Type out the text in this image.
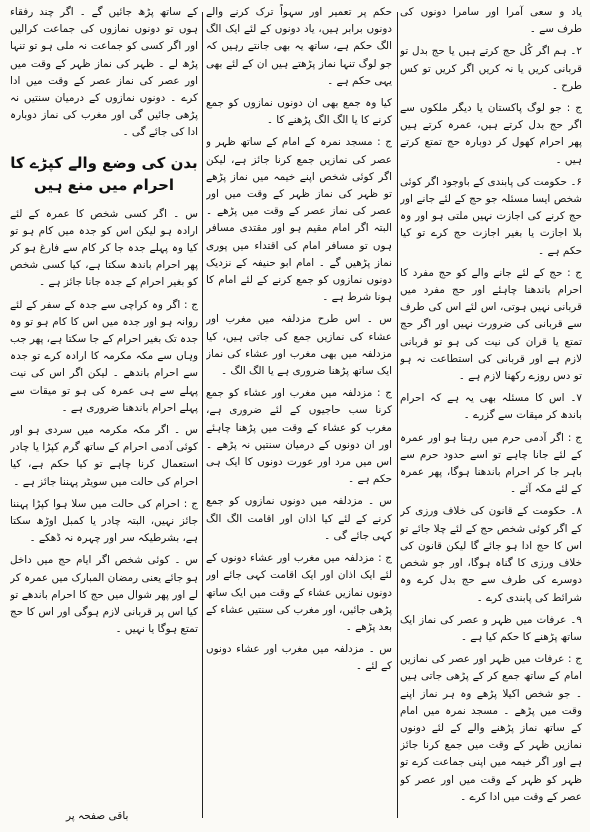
یاد و سعی آمرا اور سامرا دونوں کی طرف سے ۔

۲۔ ہم اگر کُل حج کرتے ہیں یا حج بدل تو قربانی کریں یا نہ کریں اگر کریں تو کس طرح ۔

ج : جو لوگ پاکستان یا دیگر ملکوں سے اگر حج بدل کرتے ہیں، عمرہ کرتے ہیں پھر احرام کھول کر دوبارہ حج تمتع کرتے ہیں ۔

۶۔ حکومت کی پابندی کے باوجود اگر کوئی شخص ایسا مسئلہ جو حج کے لئے جانے اور حج کرنے کی اجازت نہیں ملتی ہو اور وہ بلا اجازت یا بغیر اجازت حج کرے تو کیا حکم ہے ۔

ج : حج کے لئے جانے والے کو حج مفرد کا احرام باندھنا چاہئے اور حج مفرد میں قربانی نہیں ہوتی، اس لئے اس کی طرف سے قربانی کی ضرورت نہیں اور اگر حج تمتع یا قران کی نیت کی ہو تو قربانی لازم ہے اور قربانی کی استطاعت نہ ہو تو دس روزے رکھنا لازم ہے ۔

۷۔ اس کا مسئلہ بھی یہ ہے کہ احرام باندھ کر میقات سے گزرے ۔

ج : اگر آدمی حرم میں رہتا ہو اور عمرہ کے لئے جانا چاہے تو اسے حدود حرم سے باہر جا کر احرام باندھنا ہوگا، پھر عمرہ کے لئے مکہ آئے ۔

۸۔ حکومت کے قانون کی خلاف ورزی کر کے اگر کوئی شخص حج کے لئے چلا جائے تو اس کا حج ادا ہو جائے گا لیکن قانون کی خلاف ورزی کا گناہ ہوگا، اور جو شخص دوسرے کی طرف سے حج بدل کرے وہ شرائط کی پابندی کرے ۔

۹۔ عرفات میں ظہر و عصر کی نماز ایک ساتھ پڑھنے کا حکم کیا ہے ۔

ج : عرفات میں ظہر اور عصر کی نمازیں امام کے ساتھ جمع کر کے پڑھی جاتی ہیں ۔ جو شخص اکیلا پڑھے وہ ہر نماز اپنے وقت میں پڑھے ۔ مسجد نمرہ میں امام کے ساتھ نماز پڑھنے والے کے لئے دونوں نمازیں ظہر کے وقت میں جمع کرنا جائز ہے اور اگر خیمہ میں اپنی جماعت کرے تو ظہر کو ظہر کے وقت میں اور عصر کو عصر کے وقت میں ادا کرے ۔

حکم پر تعمیر اور سہواً ترک کرنے والے دونوں برابر ہیں، یاد دونوں کے لئے ایک الگ الگ حکم ہے، ساتھ یہ بھی جانتے رہیں کہ جو لوگ تنہا نماز پڑھتے ہیں ان کے لئے بھی یہی حکم ہے ۔

کیا وہ جمع بھی ان دونوں نمازوں کو جمع کرنے کا یا الگ الگ پڑھنے کا ۔

ج : مسجد نمرہ کے امام کے ساتھ ظہر و عصر کی نمازیں جمع کرنا جائز ہے، لیکن اگر کوئی شخص اپنے خیمہ میں نماز پڑھے تو ظہر کی نماز ظہر کے وقت میں اور عصر کی نماز عصر کے وقت میں پڑھے ۔ البتہ اگر امام مقیم ہو اور مقتدی مسافر ہوں تو مسافر امام کی اقتداء میں پوری نماز پڑھیں گے ۔ امام ابو حنیفہ کے نزدیک دونوں نمازوں کو جمع کرنے کے لئے امام کا ہونا شرط ہے ۔

س ۔ اس طرح مزدلفہ میں مغرب اور عشاء کی نمازیں جمع کی جاتی ہیں، کیا مزدلفہ میں بھی مغرب اور عشاء کی نماز ایک ساتھ پڑھنا ضروری ہے یا الگ الگ ۔

ج : مزدلفہ میں مغرب اور عشاء کو جمع کرنا سب حاجیوں کے لئے ضروری ہے، مغرب کو عشاء کے وقت میں پڑھنا چاہئے اور ان دونوں کے درمیان سنتیں نہ پڑھے ۔ اس میں مرد اور عورت دونوں کا ایک ہی حکم ہے ۔

س ۔ مزدلفہ میں دونوں نمازوں کو جمع کرنے کے لئے کیا اذان اور اقامت الگ الگ کہی جائے گی ۔

ج : مزدلفہ میں مغرب اور عشاء دونوں کے لئے ایک اذان اور ایک اقامت کہی جائے اور دونوں نمازیں عشاء کے وقت میں ایک ساتھ پڑھی جائیں، اور مغرب کی سنتیں عشاء کے بعد پڑھے ۔

س ۔ مزدلفہ میں مغرب اور عشاء دونوں کے لئے ۔

کے ساتھ پڑھ جائیں گے ۔ اگر چند رفقاء ہوں تو دونوں نمازوں کی جماعت کرالیں اور اگر کسی کو جماعت نہ ملی ہو تو تنہا پڑھ لے ۔ ظہر کی نماز ظہر کے وقت میں اور عصر کی نماز عصر کے وقت میں ادا کرے ۔ دونوں نمازوں کے درمیان سنتیں نہ پڑھی جائیں گی اور مغرب کی نماز دوبارہ ادا کی جائے گی ۔

بدن کی وضع والے کپڑے کا احرام میں منع ہیں

س ۔ اگر کسی شخص کا عمرہ کے لئے ارادہ ہو لیکن اس کو جدہ میں کام ہو تو کیا وہ پہلے جدہ جا کر کام سے فارغ ہو کر پھر احرام باندھ سکتا ہے، کیا کسی شخص کو بغیر احرام کے جدہ جانا جائز ہے ۔

ج : اگر وہ کراچی سے جدہ کے سفر کے لئے روانہ ہو اور جدہ میں اس کا کام ہو تو وہ جدہ تک بغیر احرام کے جا سکتا ہے، پھر جب وہاں سے مکہ مکرمہ کا ارادہ کرے تو جدہ سے احرام باندھے ۔ لیکن اگر اس کی نیت پہلے سے ہی عمرہ کی ہو تو میقات سے پہلے احرام باندھنا ضروری ہے ۔

س ۔ اگر مکہ مکرمہ میں سردی ہو اور کوئی آدمی احرام کے ساتھ گرم کپڑا یا چادر استعمال کرنا چاہے تو کیا حکم ہے، کیا احرام کی حالت میں سویٹر پہننا جائز ہے ۔

ج : احرام کی حالت میں سلا ہوا کپڑا پہننا جائز نہیں، البتہ چادر یا کمبل اوڑھ سکتا ہے، بشرطیکہ سر اور چہرہ نہ ڈھکے ۔

س ۔ کوئی شخص اگر ایام حج میں داخل ہو جائے یعنی رمضان المبارک میں عمرہ کر لے اور پھر شوال میں حج کا احرام باندھے تو کیا اس پر قربانی لازم ہوگی اور اس کا حج تمتع ہوگا یا نہیں ۔

باقی صفحہ پر
